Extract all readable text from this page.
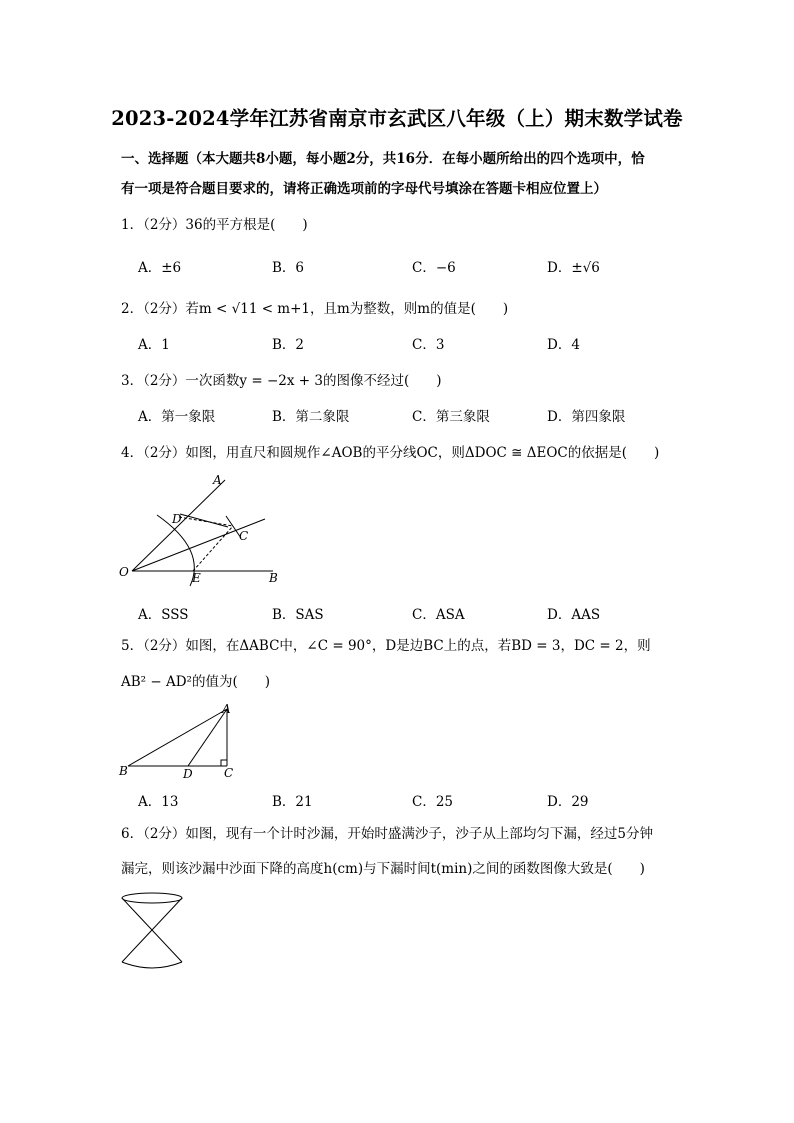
2023-2024学年江苏省南京市玄武区八年级（上）期末数学试卷
一、选择题（本大题共8小题，每小题2分，共16分．在每小题所给出的四个选项中，恰
有一项是符合题目要求的，请将正确选项前的字母代号填涂在答题卡相应位置上）
1．（2分）36的平方根是(　　)
A．±6	B．6	C．−6	D．±√6
2．（2分）若m < √11 < m+1，且m为整数，则m的值是(　　)
A．1	B．2	C．3	D．4
3．（2分）一次函数y = −2x + 3的图像不经过(　　)
A．第一象限	B．第二象限	C．第三象限	D．第四象限
4．（2分）如图，用直尺和圆规作∠AOB的平分线OC，则ΔDOC ≅ ΔEOC的依据是(　　)
A
D
C
O	E	B
A．SSS	B．SAS	C．ASA	D．AAS
5．（2分）如图，在ΔABC中，∠C = 90°，D是边BC上的点，若BD = 3，DC = 2，则
AB² − AD²的值为(　　)
A
B	D	C
A．13	B．21	C．25	D．29
6．（2分）如图，现有一个计时沙漏，开始时盛满沙子，沙子从上部均匀下漏，经过5分钟
漏完，则该沙漏中沙面下降的高度h(cm)与下漏时间t(min)之间的函数图像大致是(　　)
